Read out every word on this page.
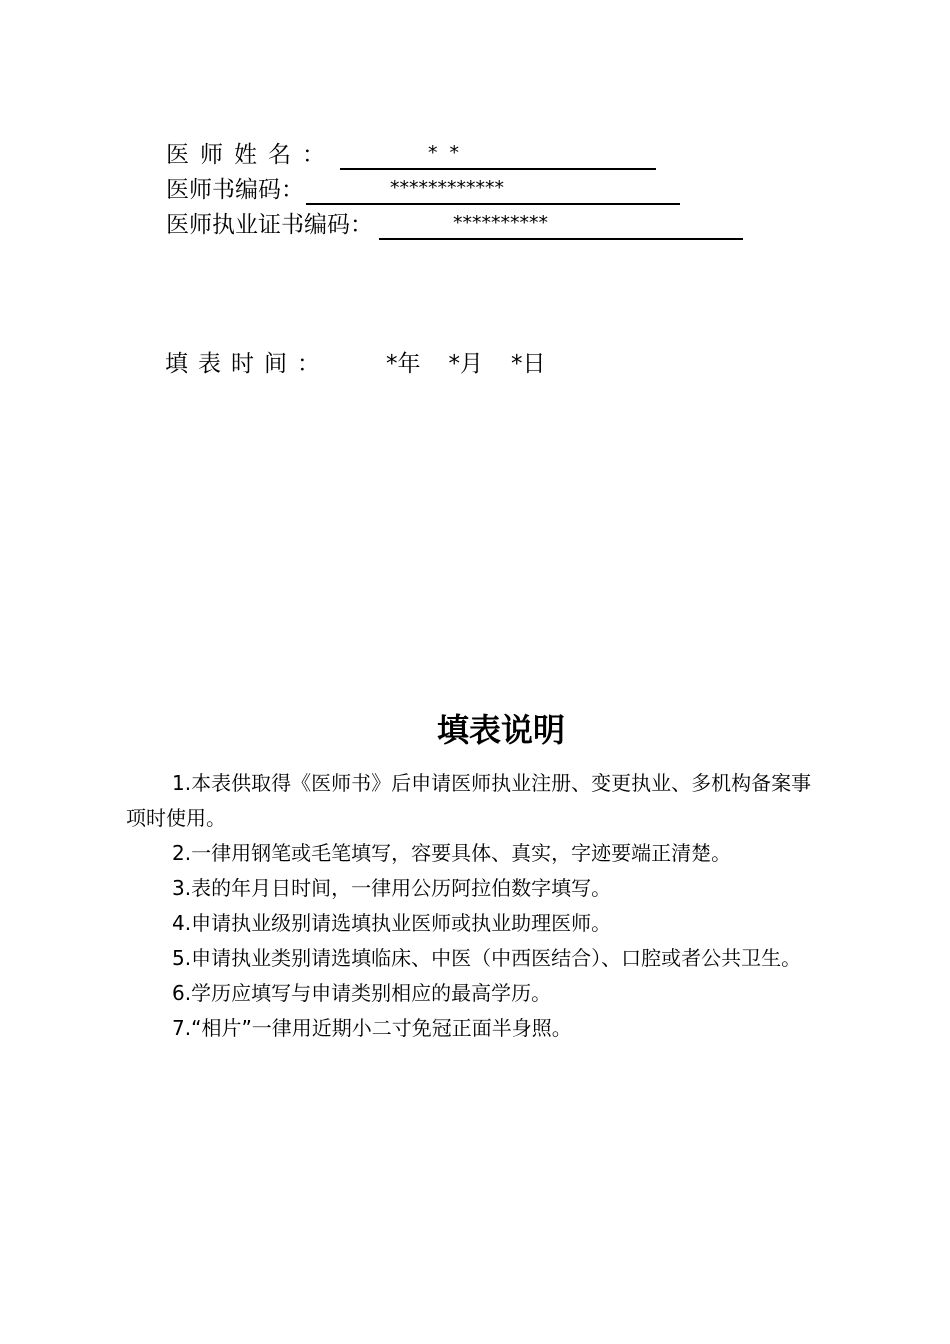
医师姓名：	**
医师书编码：	************
医师执业证书编码：	**********
填表时间： *年 *月 *日
填表说明

1.本表供取得《医师书》后申请医师执业注册、变更执业、多机构备案事项时使用。

2.一律用钢笔或毛笔填写，容要具体、真实，字迹要端正清楚。

3.表的年月日时间，一律用公历阿拉伯数字填写。

4.申请执业级别请选填执业医师或执业助理医师。

5.申请执业类别请选填临床、中医（中西医结合）、口腔或者公共卫生。

6.学历应填写与申请类别相应的最高学历。

7.“相片”一律用近期小二寸免冠正面半身照。
